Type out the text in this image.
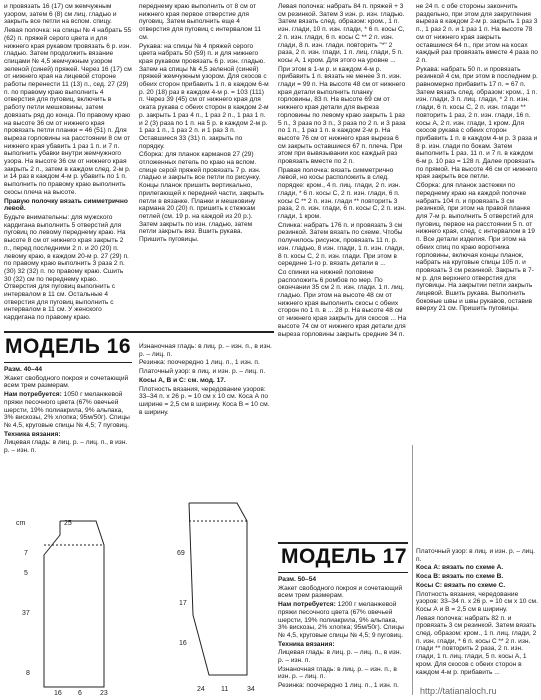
и провязать 16 (17) см жемчужным узором, затем 6 (8) см лиц. гладью и закрыть все петли на вспом. спицу.

Левая полочка: на спицы № 4 набрать 55 (62) п. пряжей серого цвета и для нижнего края рукавом провязать 6 р. изн. гладью. Затем продолжить вязание спицами № 4,5 жемчужным узором зеленой (синей) пряжей. Через 16 (17) см от нижнего края на лицевой стороне работы перенести 11 (13) п., сед. 27 (29) п. по правому краю выполнить 4 отверстия для пуговиц, включить в работу петли мешковины, затем довязать ряд до конца. По правому краю на высоте 36 см от нижнего края провязать петли планки = 46 (51) п. Для выреза горловины на расстоянии 8 см от нижнего края убавить 1 раз 1 п. и 7 п. выполнить убавки внутри жемчужного узора. На высоте 36 см от нижнего края закрыть 2 п., затем в каждом след. 2-м р. и 14 раз в каждом 4-м р. убавить по 1 п. выполнить по правому краю выполнить скосы плеча на высоте.

Правую полочку вязать симметрично левой.

Будьте внимательны: для мужского кардигана выполнить 5 отверстий для пуговиц по левому переднему краю. На высоте 8 см от нижнего края закрыть 2 п., перед последними 2 п. и 20 (20) п. левому краю, в каждом 20-м р. 27 (29) п. по правому краю выполнить 3 раза 2 п. (30) 32 (32) п. по правому краю. Сшить 30 (32) см по переднему краю. Отверстия для пуговиц выполнить с интервалом в 11 см. Остальные 4 отверстия для пуговиц выполнить с интервалом в 11 см. У женского кардигана по правому краю.

переднему краю выполнить от 8 см от нижнего края первое отверстие для пуговиц. Затем выполнить еще 4 отверстия для пуговиц с интервалом 11 см.

Рукава: на спицы № 4 пряжей серого цвета набрать 50 (59) п. и для нижнего края рукавом провязать 6 р. изн. гладью. Затем на спицы № 4,5 зеленой (синей) пряжей жемчужным узором. Для скосов с обеих сторон прибавить 1 п. в каждом 6-м р. 20 (18) раз в каждом 4-м р. = 103 (111) п. Через 39 (45) см от нижнего края для оката рукава с обеих сторон в каждом 2-м р. закрыть 1 раз 4 п., 1 раз 2 п., 1 раз 1 п. и 2 (3) раза по 1 п. на 5 р. в каждом 2-м р. 1 раз 1 п., 1 раз 2 п. и 1 раз 3 п. Оставшиеся 33 (31) п. закрыть по порядку.

Сборка: для планок карманов 27 (29) отложенных петель по краю на вспом. спице серой пряжей провязать 7 р. изн. гладью и закрыть все петли по рисунку. Концы планок пришить вертикально, прилегающей к передней части, закрыть петли в вязанке. Планки и мешковину кармана 20 (20) п. пришить к стежкам петлей (см. 19 р. на каждой из 20 р.). Затем закрыть по изн. гладью, затем петли закрыть вяз. Вшить рукава. Пришить пуговицы.

Левая полочка: набрать 84 п. пряжей + 3 см резинкой. Затем 3 изн. р. изн. гладью. Затем вязать след. образом: кром., 1 п. изн. глади, 10 п. изн. глади, * 6 п. косы С, 2 п. изн. глади, 6 п. косы С ** 2 п. изн. глади, 8 п. изн. глади. повторить "*" 2 раза, 2 п. изн. глади, 1 п. лиц. глади, 5 п. косы А, 1 кром. Для этого на уровне ...

При этом в 1-м р. и каждом 4-м р. прибавить 1 п. вязать не менее 3 п. изн. глади = 99 п. На высоте 48 см от нижнего края детали выполнить планку горловины, 83 п. На высоте 69 см от нижнего края детали для выреза горловины по левому краю закрыть 1 раз 5 п., 3 раза по 3 п., 3 раза по 2 п. и 3 раза по 1 п., 1 раз 1 п. в каждом 2-м р. На высоте 76 см от нижнего края выреза 6 см закрыть оставшиеся 67 п. плеча. При этом при вывязывании кос каждый раз провязать вместе по 2 п.

Правая полочка: вязать симметрично левой, но косы расположить в след. порядке: кром., 4 п. лиц. глади, 2 п. изн. глади, * 6 п. косы С, 2 п. изн. глади, 6 п. косы С ** 2 п. изн. глади ** повторить 3 раза, 2 п. изн. глади, 6 п. косы С, 2 п. изн. глади, 1 кром.

Спинка: набрать 176 п. и провязать 3 см резинкой. Затем вязать по схеме. Чтобы получилось рисунок, провязать 11 п. р. изн. гладью, 8 изн. глади, 1 п. изн. глади, 8 п. косы С, 2 п. изн. глади. При этом в середине 1-го р. вязать детали в ...

Со спинки на нижней половине расположить 6 ромбов по мер. По окончании 35 см 2 п. изн. глади. 1 п. лиц. гладью. При этом на высоте 48 см от нижнего края выполнить скосы с обеих сторон по 1 п. в ... 28 р. На высоте 48 см от нижнего края закрыть для скосов ... На высоте 74 см от нижнего края детали для выреза горловины закрыть средние 34 п.

не 24 п. с обе стороны закончить раздельно, при этом для закругления выреза в каждом 2-м р. закрыть 1 раз 3 п., 1 раз 2 п. и 1 раз 1 п. На высоте 78 см от нижнего края закрыть оставшиеся 64 п., при этом на косах каждый раз провязать вместе 4 раза по 2 п.

Рукава: набрать 50 п. и провязать резинкой 4 см, при этом в последнем р. равномерно прибавить 17 п. = 67 п. Затем вязать след. образом: кром., 1 п. изн. глади, 3 п. лиц. глади, * 2 п. изн. глади, 6 п. косы С, 2 п. изн. глади ** повторить 1 раз, 2 п. изн. глади, 16 п. косы А, 2 п. изн. глади, 1 кром. Для скосов рукава с обеих сторон прибавить 1 п. в каждом 4-м р. 3 раза и 8 р. изн. глади по бокам. Затем выполнить 1 раз. 11 п. и 7 п. в каждом 6-м р. 10 раз = 128 п. Далее провязать по прямой. На высоте 46 см от нижнего края закрыть все петли.

Сборка: для планок застежки по переднему краю на каждой полочке набрать 104 п. и провязать 3 см резинкой, при этом на правой планке для 7-м р. выполнить 5 отверстий для пуговиц, первое на расстоянии 5 п. от нижнего края, след. с интервалом в 19 п. Все детали изделия. При этом на обеих спиц по краю воротника горловины, включая концы планок, набрать на круговые спицы 105 п. и провязать 3 см резинкой. Закрыть в 7-м р. для верхнего отверстия для пуговицы. На закрытии петли закрыть лицевой. Вшить рукава. Выполнить боковые швы и швы рукавов, оставив вверху 21 см. Пришить пуговицы.

МОДЕЛЬ 16

Разм. 40–44

Жакет свободного покроя и сочетающий всем трем размерам.

Нам потребуется: 1050 г меланжевой пряжи песочного цвета (67% овечьей шерсти, 19% полиакрила, 9% альпака, 3% вискозы, 2% хлопка; 95м/50г). Спицы № 4,5, круговые спицы № 4,5; 7 пуговиц.

Техника вязания:

Лицевая гладь: в лиц. р. – лиц. п., в изн. р. – изн. п.

Изнаночная гладь: в лиц. р. – изн. п., в изн. р. – лиц. п.

Резинка: поочередно 1 лиц. п., 1 изн. п.

Платочный узор: в лиц. и изн. р. – лиц. п.

Косы А, В и С: см. мод. 17.

Плотность вязания, чередование узоров: 33–34 п. х 26 р. = 10 см х 10 см. Коса А по ширине = 2,5 см в ширину. Коса В = 10 см. в ширину.

cm	25
7
5
37
8
16 6	23
69
17
16
24 11	34
МОДЕЛЬ 17

Разм. 50–54

Жакет свободного покроя и сочетающий всем трем размерам.

Нам потребуется: 1200 г меланжевой пряжи песочного цвета (67% овечьей шерсти, 19% полиакрила, 9% альпака, 3% вискозы, 2% хлопка; 95м/50г). Спицы № 4,5, круговые спицы № 4,5; 9 пуговиц.

Техника вязания:

Лицевая гладь: в лиц. р. – лиц. п., в изн. р. – изн. п.

Изнаночная гладь: в лиц. р. – изн. п., в изн. р. – лиц. п.

Резинка: поочередно 1 лиц. п., 1 изн. п.

Платочный узор: в лиц. и изн. р. – лиц. п.

Коса А: вязать по схеме А.

Коса В: вязать по схеме В.

Косы С: вязать по схеме С.

Плотность вязания, чередование узоров: 33–34 п. х 26 р. = 10 см х 10 см. Косы А и В = 2,5 см в ширину.

Левая полочка: набрать 82 п. и провязать 3 см резинкой. Затем вязать след. образом: кром., 1 п. лиц. глади, 2 п. изн. глади, * 6 п. косы С ** 2 п. изн. глади ** повторить 2 раза, 2 п. изн. глади, 1 п. лиц. глади, 5 п. косы А, 1 кром. Для скосов с обеих сторон в каждом 4-м р. прибавить ...

http://tatianaloch.ru
